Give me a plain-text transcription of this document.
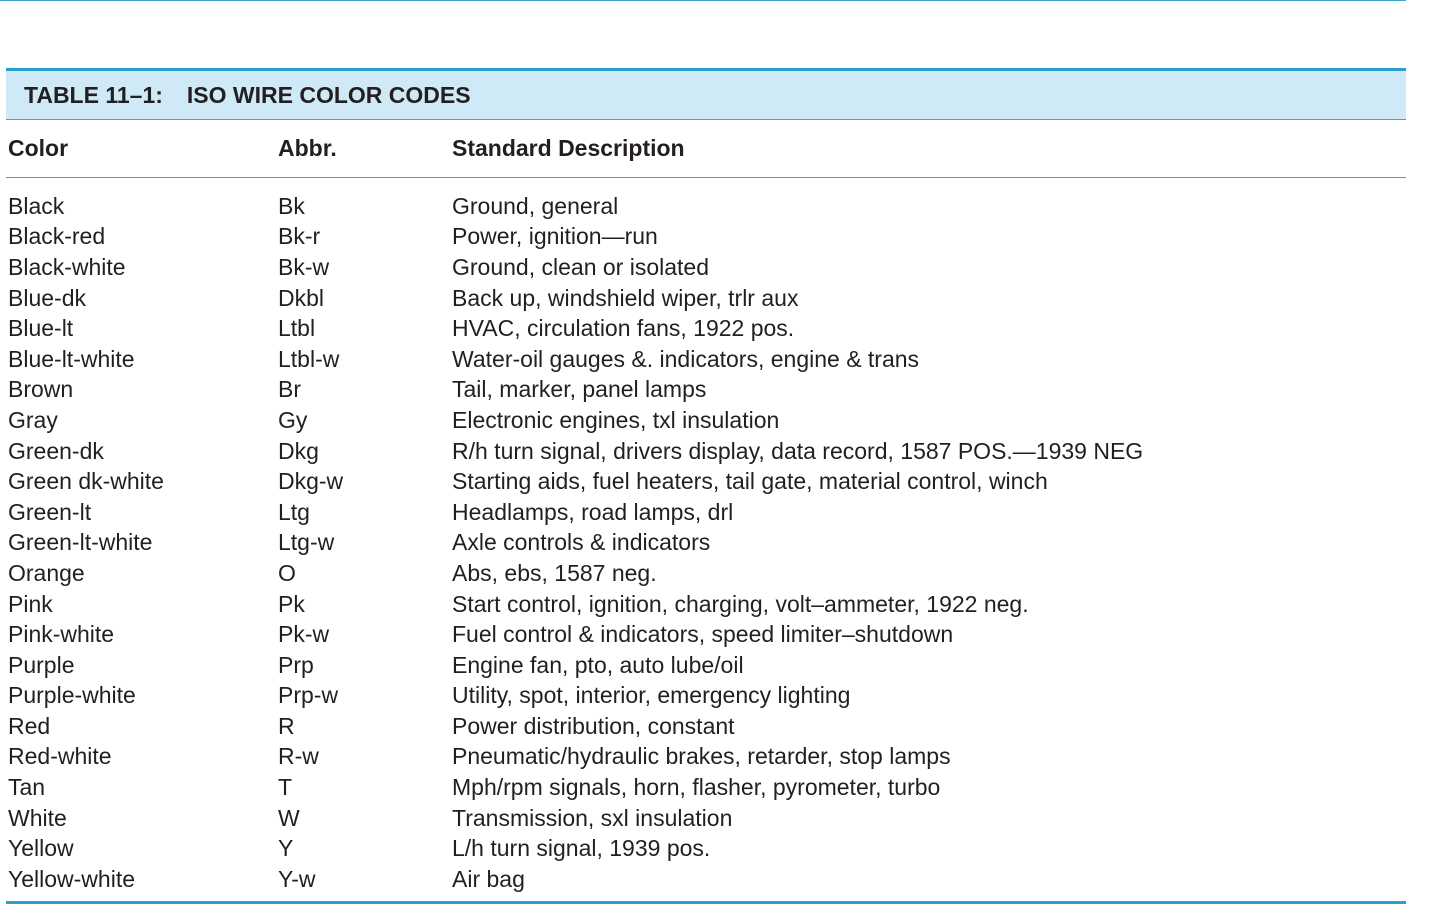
TABLE 11–1: ISO WIRE COLOR CODES
Color	Abbr.	Standard Description
Black	Bk	Ground, general
Black-red	Bk-r	Power, ignition—run
Black-white	Bk-w	Ground, clean or isolated
Blue-dk	Dkbl	Back up, windshield wiper, trlr aux
Blue-lt	Ltbl	HVAC, circulation fans, 1922 pos.
Blue-lt-white	Ltbl-w	Water-oil gauges &. indicators, engine & trans
Brown	Br	Tail, marker, panel lamps
Gray	Gy	Electronic engines, txl insulation
Green-dk	Dkg	R/h turn signal, drivers display, data record, 1587 POS.—1939 NEG
Green dk-white	Dkg-w	Starting aids, fuel heaters, tail gate, material control, winch
Green-lt	Ltg	Headlamps, road lamps, drl
Green-lt-white	Ltg-w	Axle controls & indicators
Orange	O	Abs, ebs, 1587 neg.
Pink	Pk	Start control, ignition, charging, volt–ammeter, 1922 neg.
Pink-white	Pk-w	Fuel control & indicators, speed limiter–shutdown
Purple	Prp	Engine fan, pto, auto lube/oil
Purple-white	Prp-w	Utility, spot, interior, emergency lighting
Red	R	Power distribution, constant
Red-white	R-w	Pneumatic/hydraulic brakes, retarder, stop lamps
Tan	T	Mph/rpm signals, horn, flasher, pyrometer, turbo
White	W	Transmission, sxl insulation
Yellow	Y	L/h turn signal, 1939 pos.
Yellow-white	Y-w	Air bag
